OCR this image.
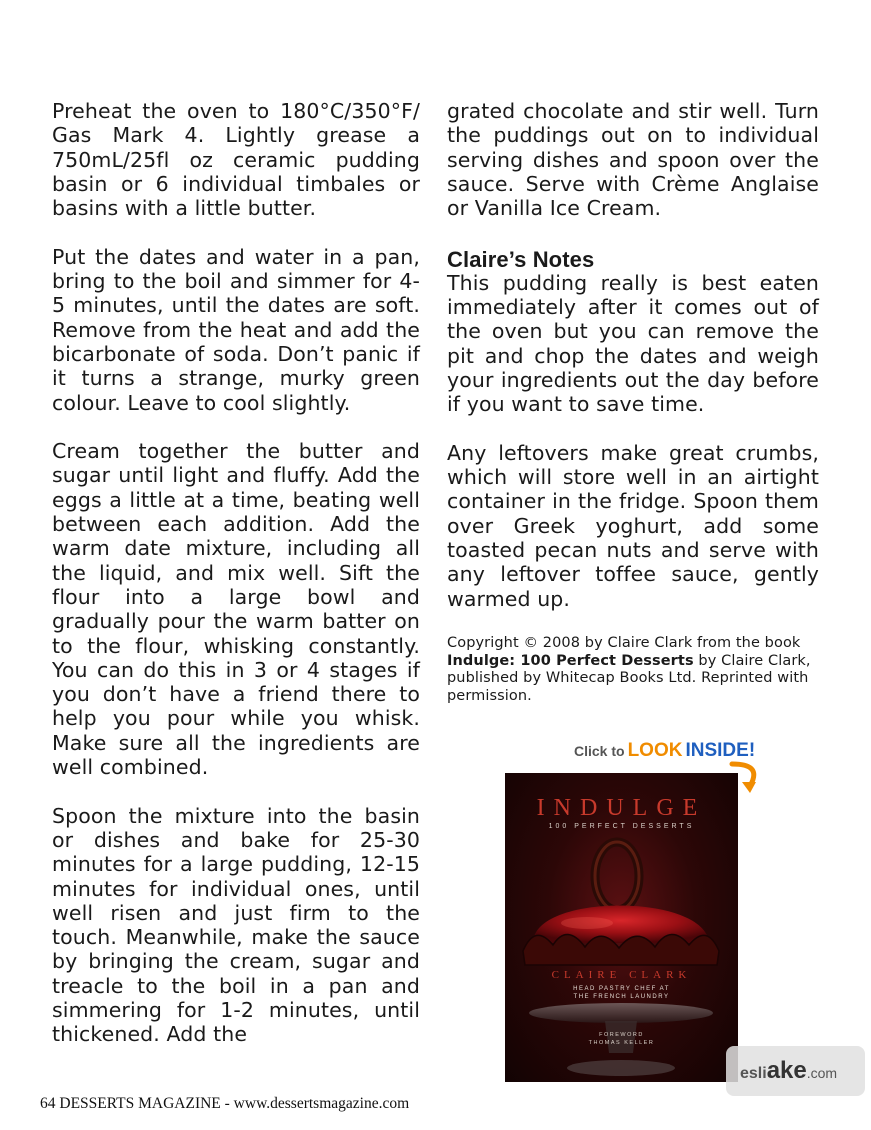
Preheat the oven to 180°C/350°F/ Gas Mark 4. Lightly grease a 750mL/25fl oz ceramic pudding basin or 6 individual timbales or basins with a little butter.

Put the dates and water in a pan, bring to the boil and simmer for 4-5 minutes, until the dates are soft. Remove from the heat and add the bicarbonate of soda. Don’t panic if it turns a strange, murky green colour. Leave to cool slightly.

Cream together the butter and sugar until light and fluffy. Add the eggs a little at a time, beating well between each addition. Add the warm date mixture, including all the liquid, and mix well. Sift the flour into a large bowl and gradually pour the warm batter on to the flour, whisking constantly. You can do this in 3 or 4 stages if you don’t have a friend there to help you pour while you whisk. Make sure all the ingredients are well combined.

Spoon the mixture into the basin or dishes and bake for 25-30 minutes for a large pudding, 12-15 minutes for individual ones, until well risen and just firm to the touch. Meanwhile, make the sauce by bringing the cream, sugar and treacle to the boil in a pan and simmering for 1-2 minutes, until thickened. Add the

grated chocolate and stir well. Turn the puddings out on to individual serving dishes and spoon over the sauce. Serve with Crème Anglaise or Vanilla Ice Cream.

Claire’s Notes

This pudding really is best eaten immediately after it comes out of the oven but you can remove the pit and chop the dates and weigh your ingredients out the day before if you want to save time.

Any leftovers make great crumbs, which will store well in an airtight container in the fridge. Spoon them over Greek yoghurt, add some toasted pecan nuts and serve with any leftover toffee sauce, gently warmed up.

Copyright © 2008 by Claire Clark from the book Indulge: 100 Perfect Desserts by Claire Clark, published by Whitecap Books Ltd. Reprinted with permission.

Click to LOOK INSIDE!
INDULGE
100 PERFECT DESSERTS
CLAIRE CLARK
HEAD PASTRY CHEF AT
THE FRENCH LAUNDRY
FOREWORD
THOMAS KELLER
esli ake .com
64 DESSERTS MAGAZINE - www.dessertsmagazine.com
